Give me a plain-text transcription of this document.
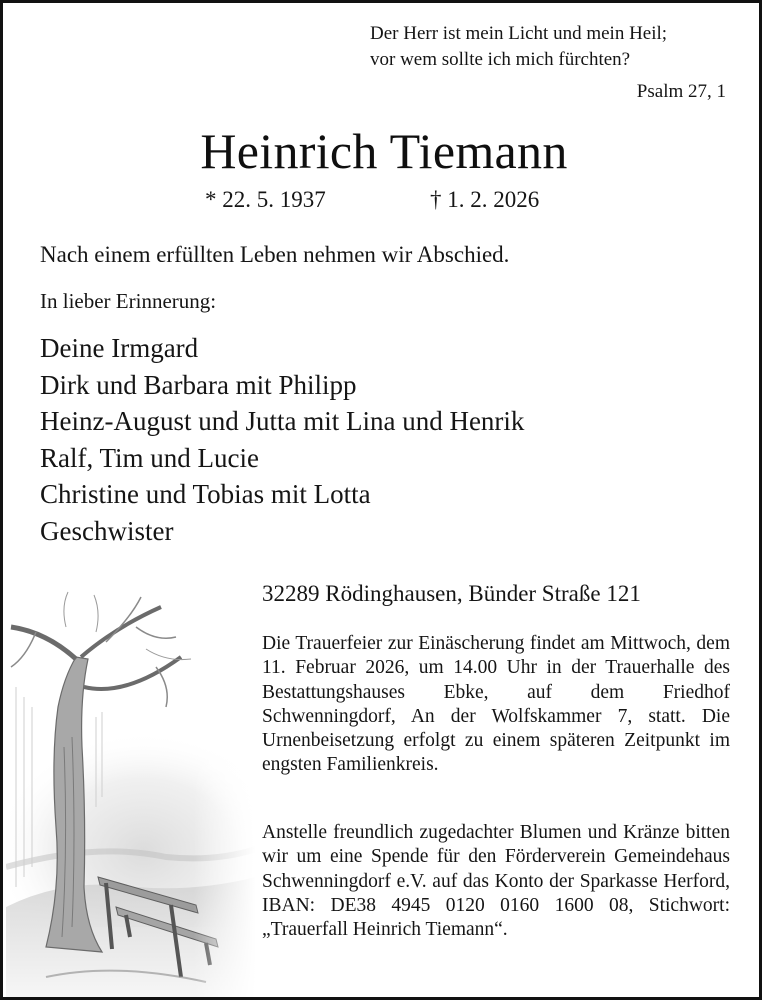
Der Herr ist mein Licht und mein Heil;
vor wem sollte ich mich fürchten?
Psalm 27, 1
Heinrich Tiemann
* 22. 5. 1937	† 1. 2. 2026
Nach einem erfüllten Leben nehmen wir Abschied.
In lieber Erinnerung:
Deine Irmgard
Dirk und Barbara mit Philipp
Heinz-August und Jutta mit Lina und Henrik
Ralf, Tim und Lucie
Christine und Tobias mit Lotta
Geschwister
32289 Rödinghausen, Bünder Straße 121

Die Trauerfeier zur Einäscherung findet am Mittwoch, dem 11. Februar 2026, um 14.00 Uhr in der Trauerhalle des Bestattungshauses Ebke, auf dem Friedhof Schwenningdorf, An der Wolfskammer 7, statt. Die Urnenbeisetzung erfolgt zu einem späteren Zeitpunkt im engsten Familienkreis.

Anstelle freundlich zugedachter Blumen und Kränze bitten wir um eine Spende für den Förderverein Gemeindehaus Schwenningdorf e.V. auf das Konto der Sparkasse Herford, IBAN: DE38 4945 0120 0160 1600 08, Stichwort: „Trauerfall Heinrich Tiemann“.
